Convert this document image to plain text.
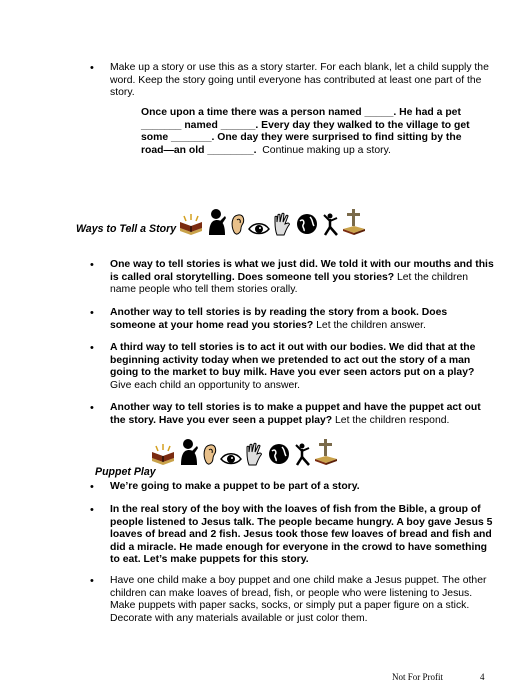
• Make up a story or use this as a story starter. For each blank, let a child supply the word. Keep the story going until everyone has contributed at least one part of the story.
Once upon a time there was a person named _____. He had a pet _______ named ______. Every day they walked to the village to get some _______. One day they were surprised to find sitting by the road—an old ________. Continue making up a story.
Ways to Tell a Story
• One way to tell stories is what we just did. We told it with our mouths and this is called oral storytelling. Does someone tell you stories? Let the children name people who tell them stories orally.
• Another way to tell stories is by reading the story from a book. Does someone at your home read you stories? Let the children answer.
• A third way to tell stories is to act it out with our bodies. We did that at the beginning activity today when we pretended to act out the story of a man going to the market to buy milk. Have you ever seen actors put on a play? Give each child an opportunity to answer.
• Another way to tell stories is to make a puppet and have the puppet act out the story. Have you ever seen a puppet play? Let the children respond.
Puppet Play
• We’re going to make a puppet to be part of a story.
• In the real story of the boy with the loaves of fish from the Bible, a group of people listened to Jesus talk. The people became hungry. A boy gave Jesus 5 loaves of bread and 2 fish. Jesus took those few loaves of bread and fish and did a miracle. He made enough for everyone in the crowd to have something to eat. Let’s make puppets for this story.
• Have one child make a boy puppet and one child make a Jesus puppet. The other children can make loaves of bread, fish, or people who were listening to Jesus. Make puppets with paper sacks, socks, or simply put a paper figure on a stick. Decorate with any materials available or just color them.
Not For Profit	4
